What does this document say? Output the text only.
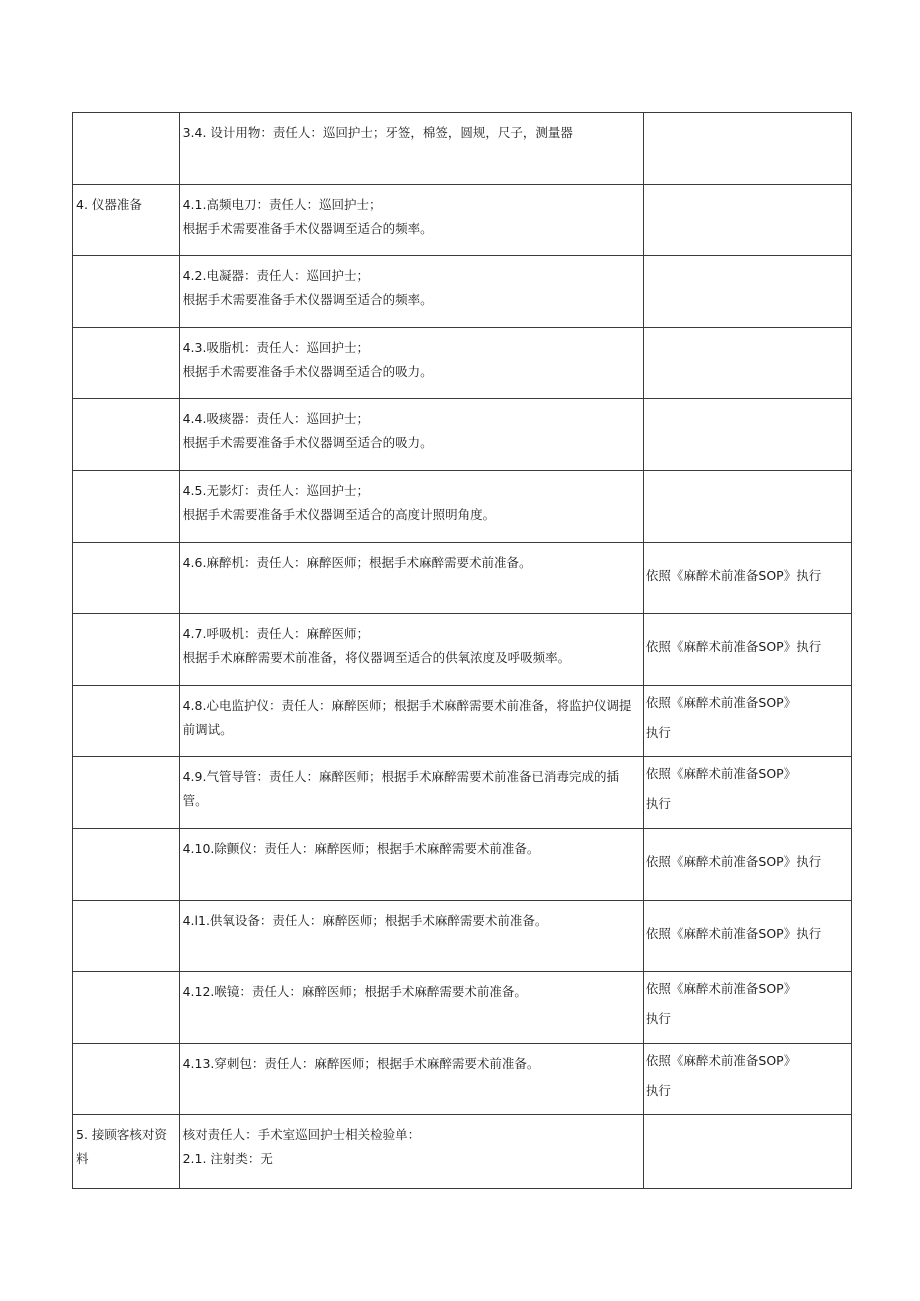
	3.4. 设计用物：责任人：巡回护士；牙签，棉签，圆规，尺子，测量器	

4. 仪器准备	4.1.高频电刀：责任人：巡回护士；
根据手术需要准备手术仪器调至适合的频率。	

	4.2.电凝器：责任人：巡回护士；
根据手术需要准备手术仪器调至适合的频率。	

	4.3.吸脂机：责任人：巡回护士；
根据手术需要准备手术仪器调至适合的吸力。	

	4.4.吸痰器：责任人：巡回护士；
根据手术需要准备手术仪器调至适合的吸力。	

	4.5.无影灯：责任人：巡回护士；
根据手术需要准备手术仪器调至适合的高度计照明角度。	

	4.6.麻醉机：责任人：麻醉医师；根据手术麻醉需要术前准备。	依照《麻醉术前准备SOP》执行

	4.7.呼吸机：责任人：麻醉医师；
根据手术麻醉需要术前准备，将仪器调至适合的供氧浓度及呼吸频率。	依照《麻醉术前准备SOP》执行

	4.8.心电监护仪：责任人：麻醉医师；根据手术麻醉需要术前准备，将监护仪调提前调试。	依照《麻醉术前准备SOP》
执行

	4.9.气管导管：责任人：麻醉医师；根据手术麻醉需要术前准备已消毒完成的插管。	依照《麻醉术前准备SOP》
执行

	4.10.除颤仪：责任人：麻醉医师；根据手术麻醉需要术前准备。	依照《麻醉术前准备SOP》执行

	4.l1.供氧设备：责任人：麻醉医师；根据手术麻醉需要术前准备。	依照《麻醉术前准备SOP》执行

	4.12.喉镜：责任人：麻醉医师；根据手术麻醉需要术前准备。	依照《麻醉术前准备SOP》
执行

	4.13.穿刺包：责任人：麻醉医师；根据手术麻醉需要术前准备。	依照《麻醉术前准备SOP》
执行

5. 接顾客核对资料	核对责任人：手术室巡回护士相关检验单：
2.1. 注射类：无	
